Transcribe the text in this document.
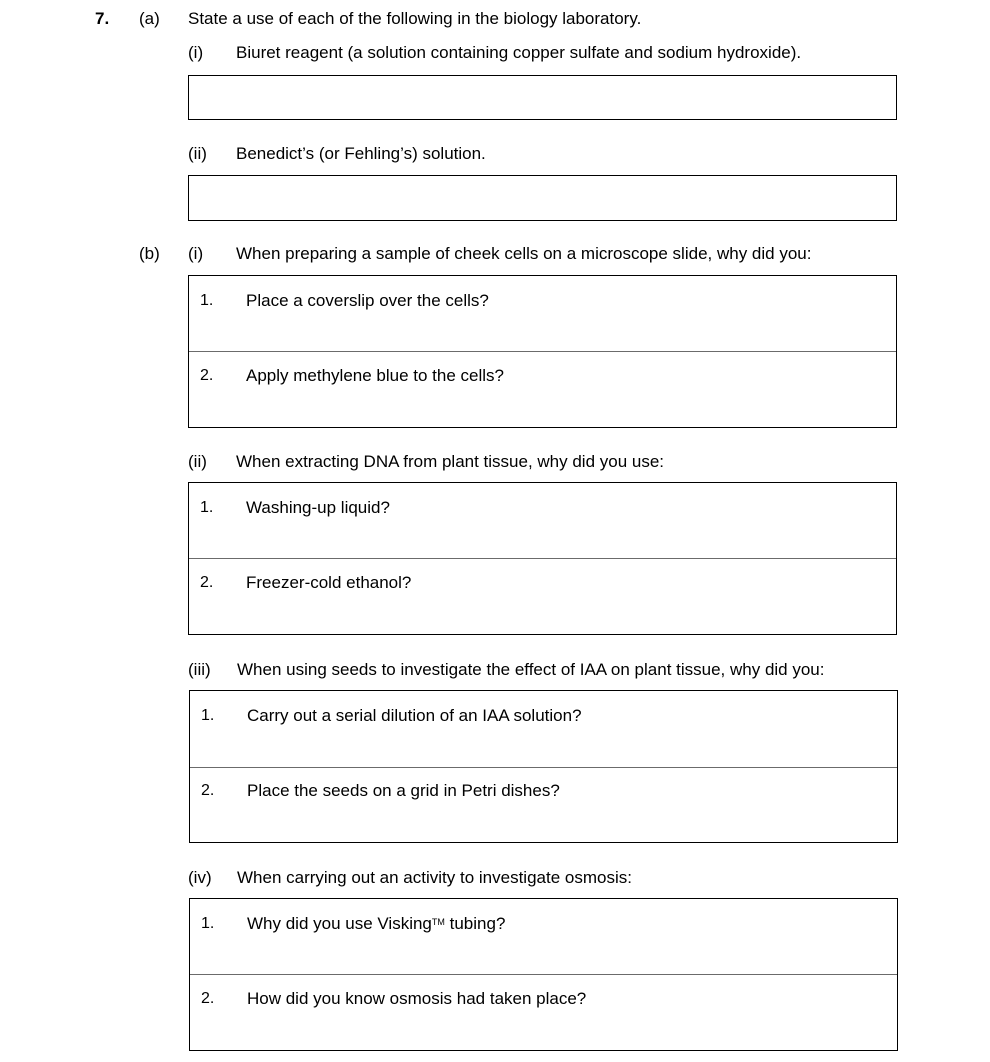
7. (a) State a use of each of the following in the biology laboratory.
(i) Biuret reagent (a solution containing copper sulfate and sodium hydroxide).
(ii) Benedict’s (or Fehling’s) solution.
(b) (i) When preparing a sample of cheek cells on a microscope slide, why did you:
1. Place a coverslip over the cells?
2. Apply methylene blue to the cells?
(ii) When extracting DNA from plant tissue, why did you use:
1. Washing-up liquid?
2. Freezer-cold ethanol?
(iii) When using seeds to investigate the effect of IAA on plant tissue, why did you:
1. Carry out a serial dilution of an IAA solution?
2. Place the seeds on a grid in Petri dishes?
(iv) When carrying out an activity to investigate osmosis:
1. Why did you use Visking™ tubing?
2. How did you know osmosis had taken place?
